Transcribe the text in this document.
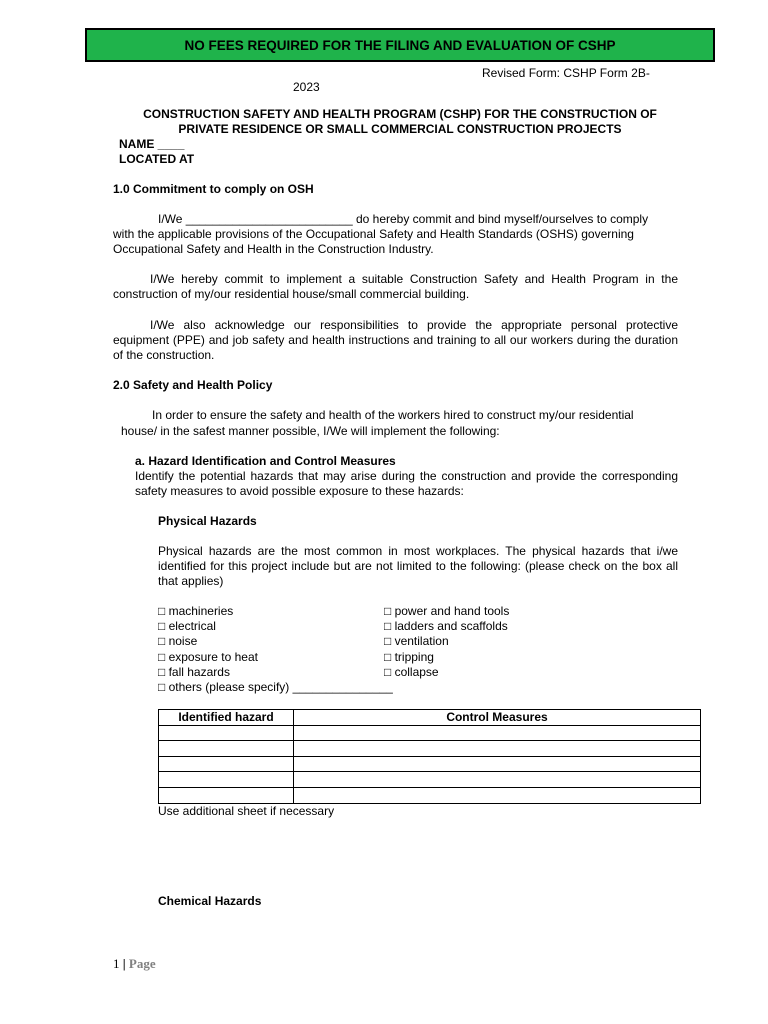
NO FEES REQUIRED FOR THE FILING AND EVALUATION OF CSHP
Revised Form: CSHP Form 2B-
2023
CONSTRUCTION SAFETY AND HEALTH PROGRAM (CSHP) FOR THE CONSTRUCTION OF
PRIVATE RESIDENCE OR SMALL COMMERCIAL CONSTRUCTION PROJECTS
NAME ____
LOCATED AT
1.0 Commitment to comply on OSH
I/We _________________________ do hereby commit and bind myself/ourselves to comply
with the applicable provisions of the Occupational Safety and Health Standards (OSHS) governing
Occupational Safety and Health in the Construction Industry.
I/We hereby commit to implement a suitable Construction Safety and Health Program in the construction of my/our residential house/small commercial building.
I/We also acknowledge our responsibilities to provide the appropriate personal protective equipment (PPE) and job safety and health instructions and training to all our workers during the duration of the construction.
2.0 Safety and Health Policy
In order to ensure the safety and health of the workers hired to construct my/our residential
house/ in the safest manner possible, I/We will implement the following:
a. Hazard Identification and Control Measures
Identify the potential hazards that may arise during the construction and provide the corresponding safety measures to avoid possible exposure to these hazards:
Physical Hazards
Physical hazards are the most common in most workplaces. The physical hazards that i/we identified for this project include but are not limited to the following: (please check on the box all that applies)
□ machineries
□ electrical
□ noise
□ exposure to heat
□ fall hazards
□ others (please specify) _______________
□ power and hand tools
□ ladders and scaffolds
□ ventilation
□ tripping
□ collapse
Identified hazard	Control Measures

Use additional sheet if necessary
Chemical Hazards
1 | Page
